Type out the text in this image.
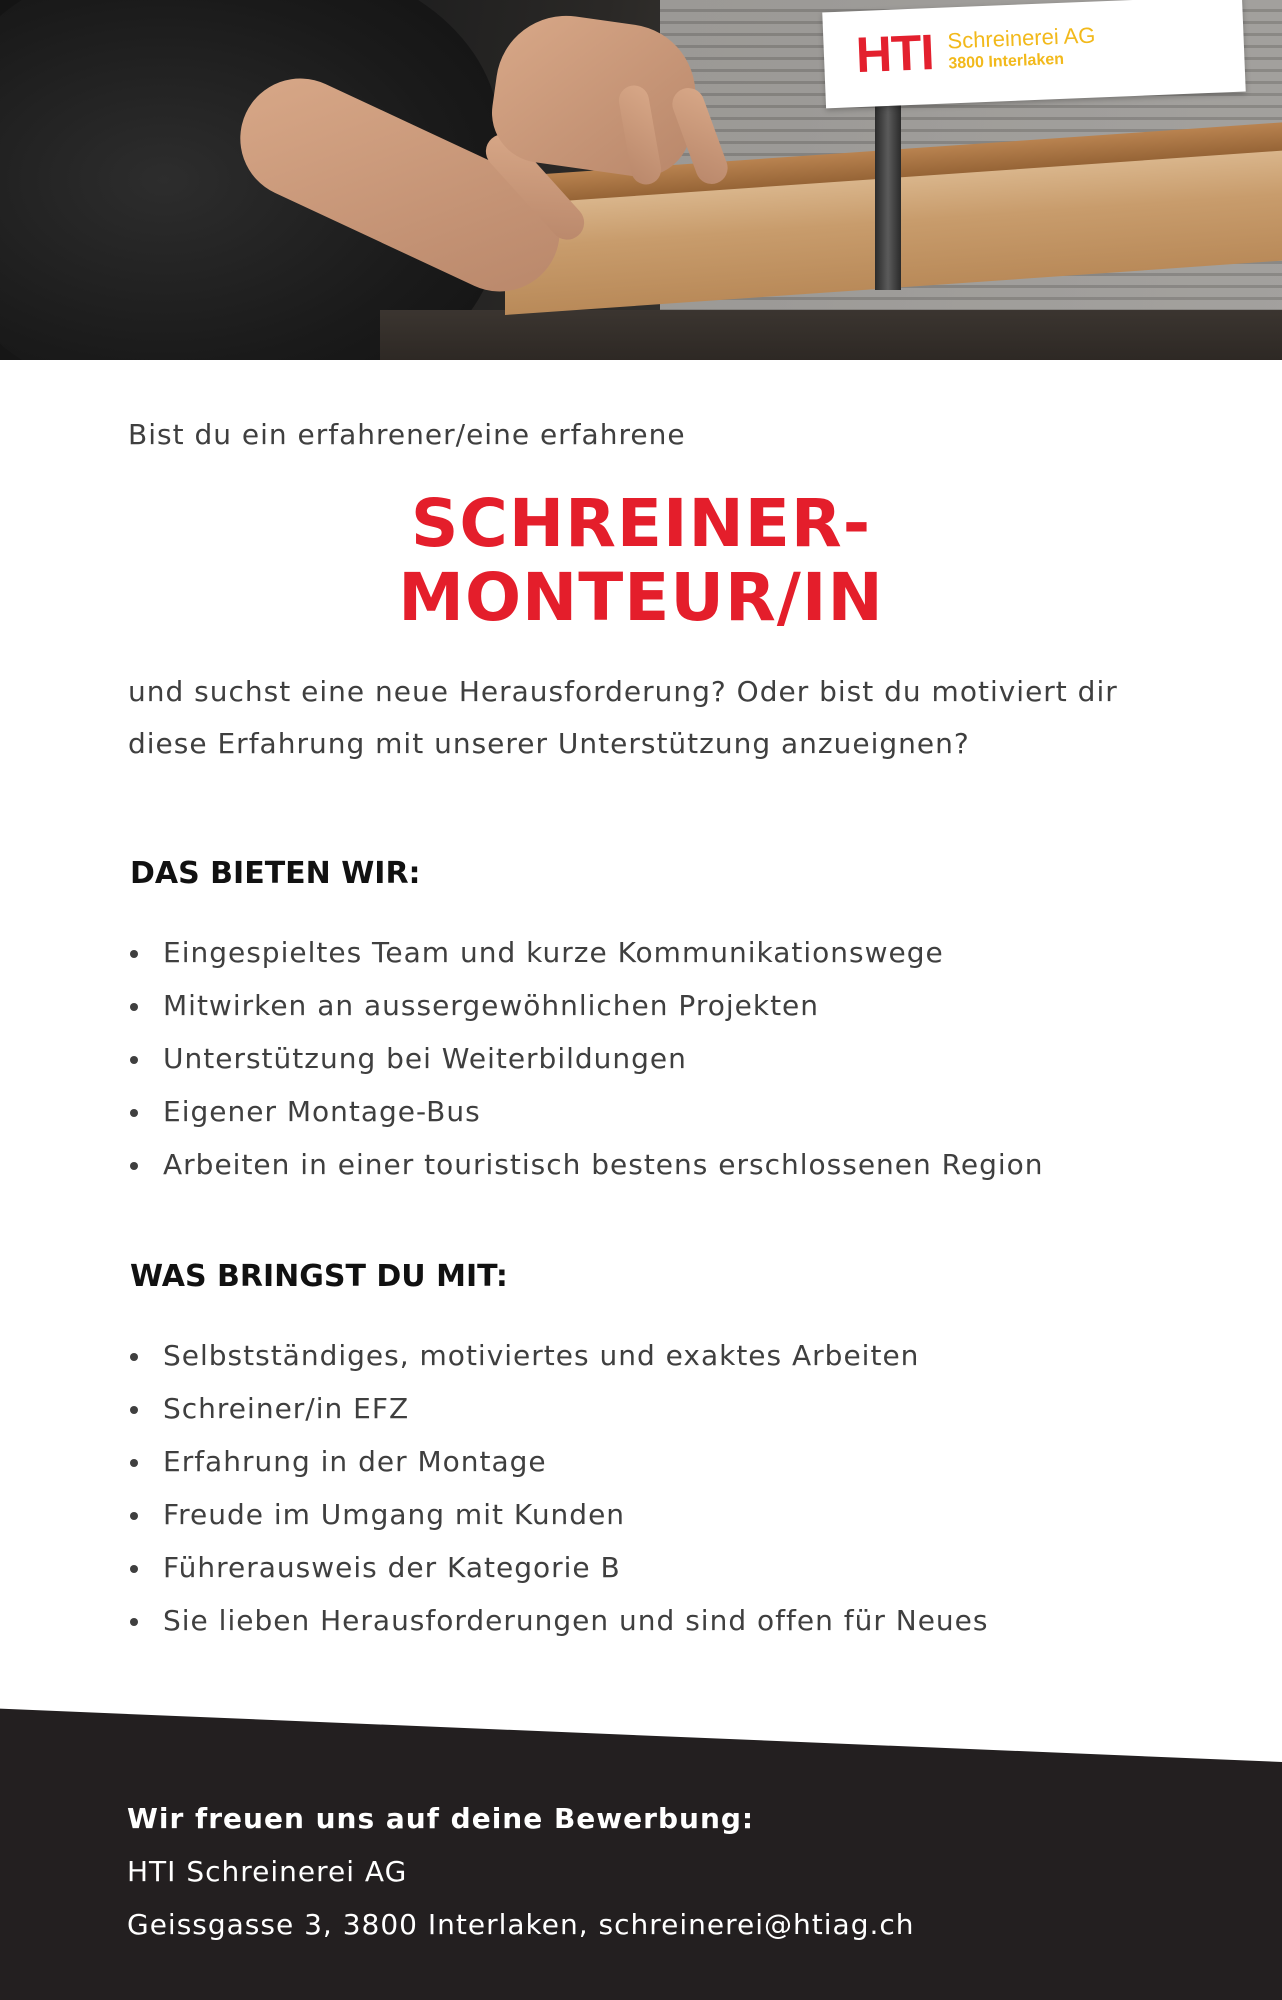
HTI Schreinerei AG
3800 Interlaken

Bist du ein erfahrener/eine erfahrene

SCHREINER-
MONTEUR/IN

und suchst eine neue Herausforderung? Oder bist du motiviert dir diese Erfahrung mit unserer Unterstützung anzueignen?

DAS BIETEN WIR:
Eingespieltes Team und kurze Kommunikationswege
Mitwirken an aussergewöhnlichen Projekten
Unterstützung bei Weiterbildungen
Eigener Montage-Bus
Arbeiten in einer touristisch bestens erschlossenen Region
WAS BRINGST DU MIT:
Selbstständiges, motiviertes und exaktes Arbeiten
Schreiner/in EFZ
Erfahrung in der Montage
Freude im Umgang mit Kunden
Führerausweis der Kategorie B
Sie lieben Herausforderungen und sind offen für Neues
Wir freuen uns auf deine Bewerbung:
HTI Schreinerei AG
Geissgasse 3, 3800 Interlaken, schreinerei@htiag.ch
